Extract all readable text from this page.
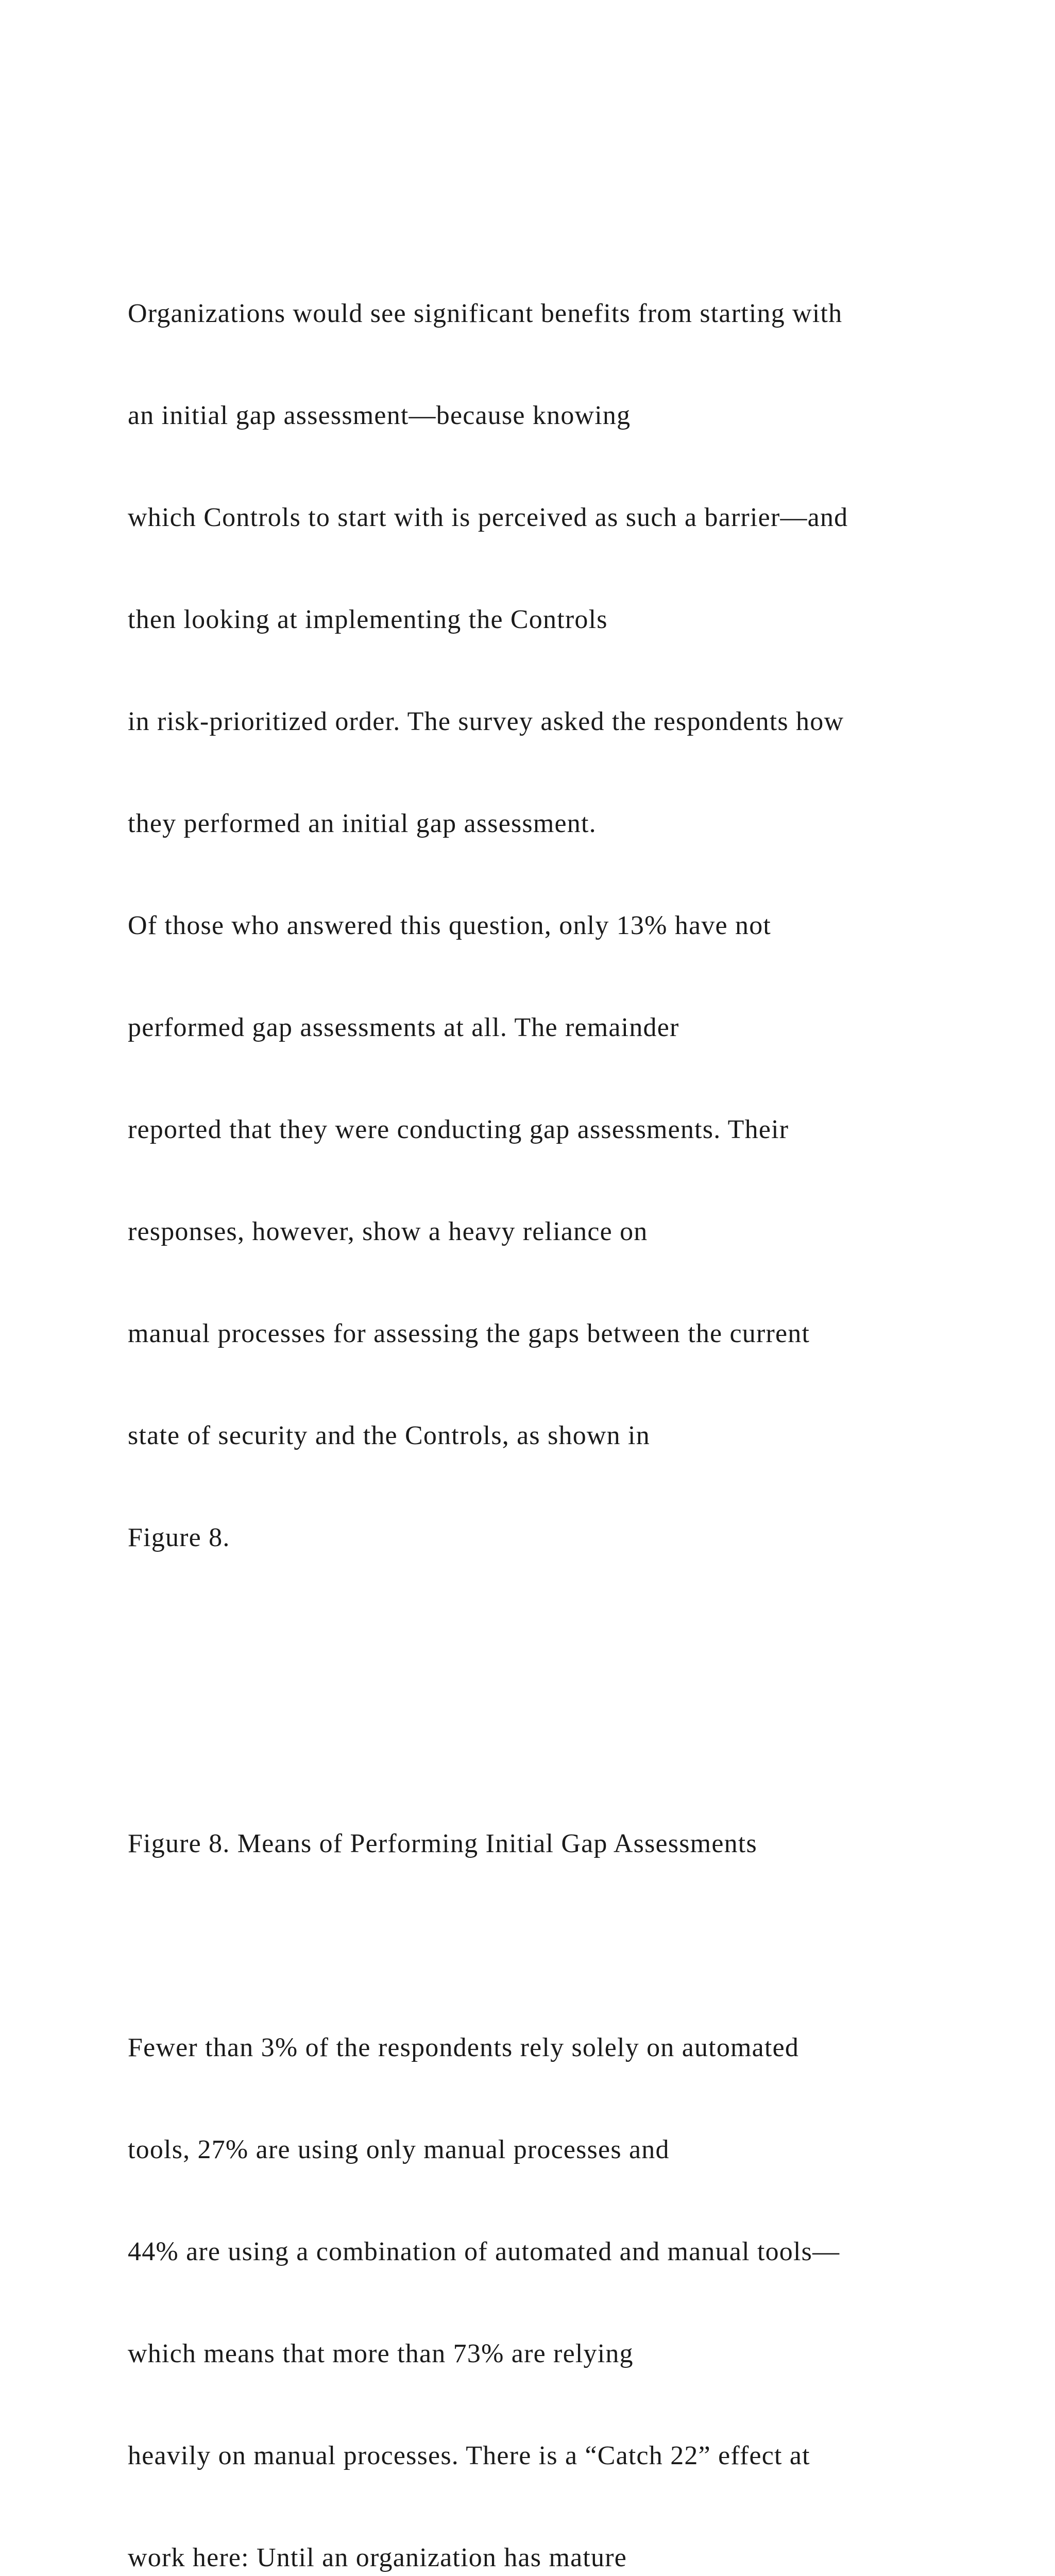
Organizations would see significant benefits from starting with

an initial gap assessment—because knowing

which Controls to start with is perceived as such a barrier—and

then looking at implementing the Controls

in risk-prioritized order. The survey asked the respondents how

they performed an initial gap assessment.

Of those who answered this question, only 13% have not

performed gap assessments at all. The remainder

reported that they were conducting gap assessments. Their

responses, however, show a heavy reliance on

manual processes for assessing the gaps between the current

state of security and the Controls, as shown in

Figure 8.

Figure 8. Means of Performing Initial Gap Assessments

Fewer than 3% of the respondents rely solely on automated

tools, 27% are using only manual processes and

44% are using a combination of automated and manual tools—

which means that more than 73% are relying

heavily on manual processes. There is a “Catch 22” effect at

work here: Until an organization has mature
